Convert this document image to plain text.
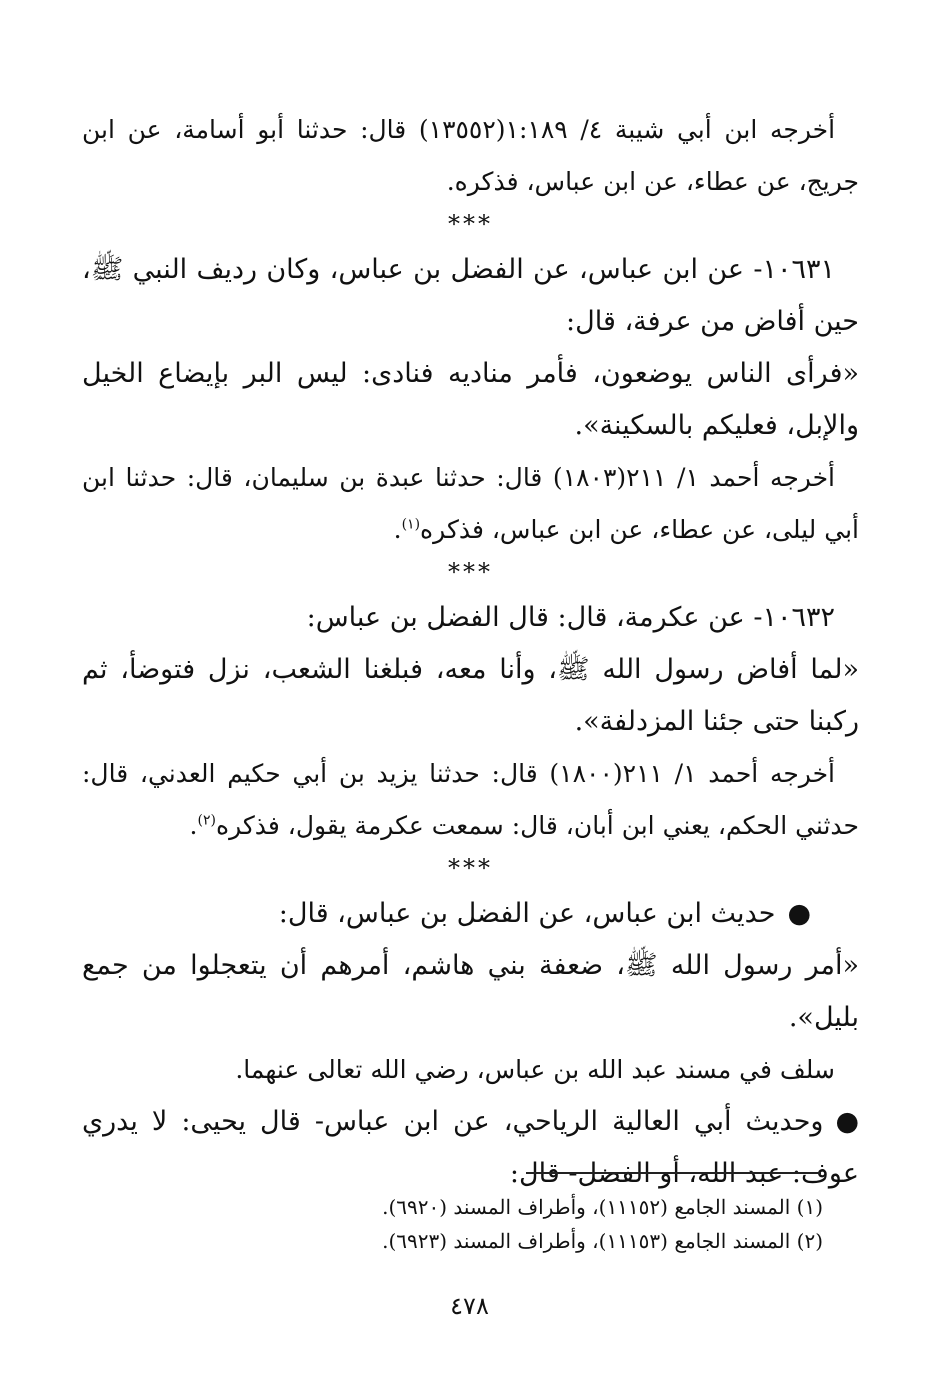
أخرجه ابن أبي شيبة ٤/ ١:١٨٩(١٣٥٥٢) قال: حدثنا أبو أسامة، عن ابن جريج، عن عطاء، عن ابن عباس، فذكره.

***

١٠٦٣١- عن ابن عباس، عن الفضل بن عباس، وكان رديف النبي ﷺ، حين أفاض من عرفة، قال:

«فرأى الناس يوضعون، فأمر مناديه فنادى: ليس البر بإيضاع الخيل والإبل، فعليكم بالسكينة».

أخرجه أحمد ١/ ٢١١(١٨٠٣) قال: حدثنا عبدة بن سليمان، قال: حدثنا ابن أبي ليلى، عن عطاء، عن ابن عباس، فذكره$^{(١)}$.

***

١٠٦٣٢- عن عكرمة، قال: قال الفضل بن عباس:

«لما أفاض رسول الله ﷺ، وأنا معه، فبلغنا الشعب، نزل فتوضأ، ثم ركبنا حتى جئنا المزدلفة».

أخرجه أحمد ١/ ٢١١(١٨٠٠) قال: حدثنا يزيد بن أبي حكيم العدني، قال: حدثني الحكم، يعني ابن أبان، قال: سمعت عكرمة يقول، فذكره$^{(٢)}$.

***

●حديث ابن عباس، عن الفضل بن عباس، قال:

«أمر رسول الله ﷺ، ضعفة بني هاشم، أمرهم أن يتعجلوا من جمع بليل».

سلف في مسند عبد الله بن عباس، رضي الله تعالى عنهما.

●وحديث أبي العالية الرياحي، عن ابن عباس- قال يحيى: لا يدري عوف: عبد الله، أو الفضل- قال:

(١) المسند الجامع (١١١٥٢)، وأطراف المسند (٦٩٢٠).

(٢) المسند الجامع (١١١٥٣)، وأطراف المسند (٦٩٢٣).

٤٧٨
